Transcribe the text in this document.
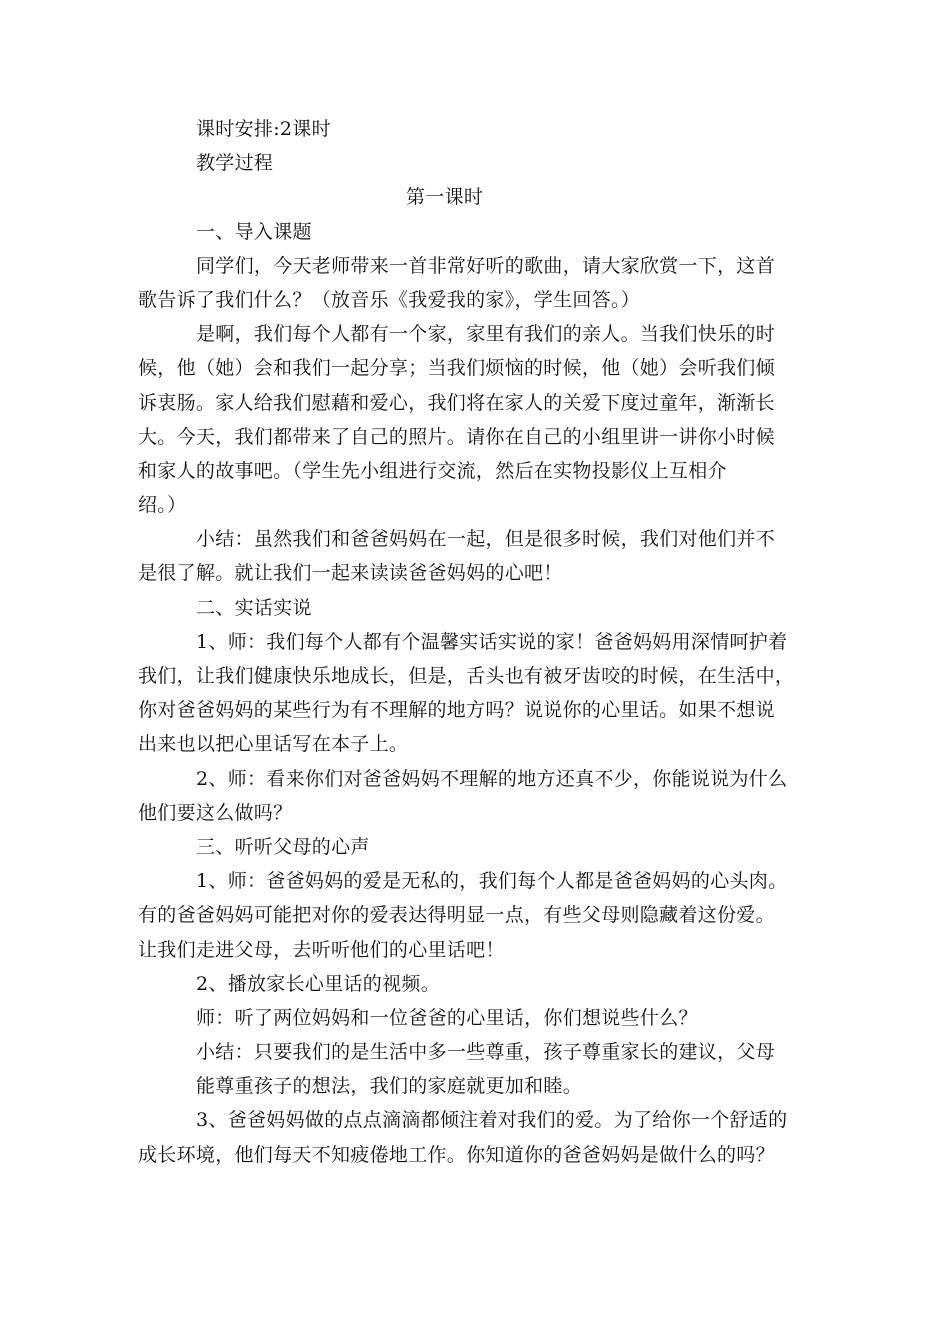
课时安排:2课时
教学过程
第一课时
一、导入课题
同学们，今天老师带来一首非常好听的歌曲，请大家欣赏一下，这首
歌告诉了我们什么？（放音乐《我爱我的家》，学生回答。）
是啊，我们每个人都有一个家，家里有我们的亲人。当我们快乐的时
候，他（她）会和我们一起分享；当我们烦恼的时候，他（她）会听我们倾
诉衷肠。家人给我们慰藉和爱心，我们将在家人的关爱下度过童年，渐渐长
大。今天，我们都带来了自己的照片。请你在自己的小组里讲一讲你小时候
和家人的故事吧。（学生先小组进行交流，然后在实物投影仪上互相介
绍。）
小结：虽然我们和爸爸妈妈在一起，但是很多时候，我们对他们并不
是很了解。就让我们一起来读读爸爸妈妈的心吧！
二、实话实说
1、师：我们每个人都有个温馨实话实说的家！爸爸妈妈用深情呵护着
我们，让我们健康快乐地成长，但是，舌头也有被牙齿咬的时候，在生活中，
你对爸爸妈妈的某些行为有不理解的地方吗？说说你的心里话。如果不想说
出来也以把心里话写在本子上。
2、师：看来你们对爸爸妈妈不理解的地方还真不少，你能说说为什么
他们要这么做吗？
三、听听父母的心声
1、师：爸爸妈妈的爱是无私的，我们每个人都是爸爸妈妈的心头肉。
有的爸爸妈妈可能把对你的爱表达得明显一点，有些父母则隐藏着这份爱。
让我们走进父母，去听听他们的心里话吧！
2、播放家长心里话的视频。
师：听了两位妈妈和一位爸爸的心里话，你们想说些什么？
小结：只要我们的是生活中多一些尊重，孩子尊重家长的建议，父母
能尊重孩子的想法，我们的家庭就更加和睦。
3、爸爸妈妈做的点点滴滴都倾注着对我们的爱。为了给你一个舒适的
成长环境，他们每天不知疲倦地工作。你知道你的爸爸妈妈是做什么的吗？
